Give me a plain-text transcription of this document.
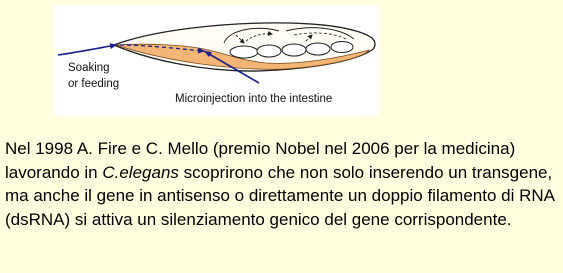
Soaking
or feeding
Microinjection into the intestine

Nel 1998 A. Fire e C. Mello (premio Nobel nel 2006 per la medicina) lavorando in C.elegans scoprirono che non solo inserendo un transgene, ma anche il gene in antisenso o direttamente un doppio filamento di RNA (dsRNA) si attiva un silenziamento genico del gene corrispondente.
